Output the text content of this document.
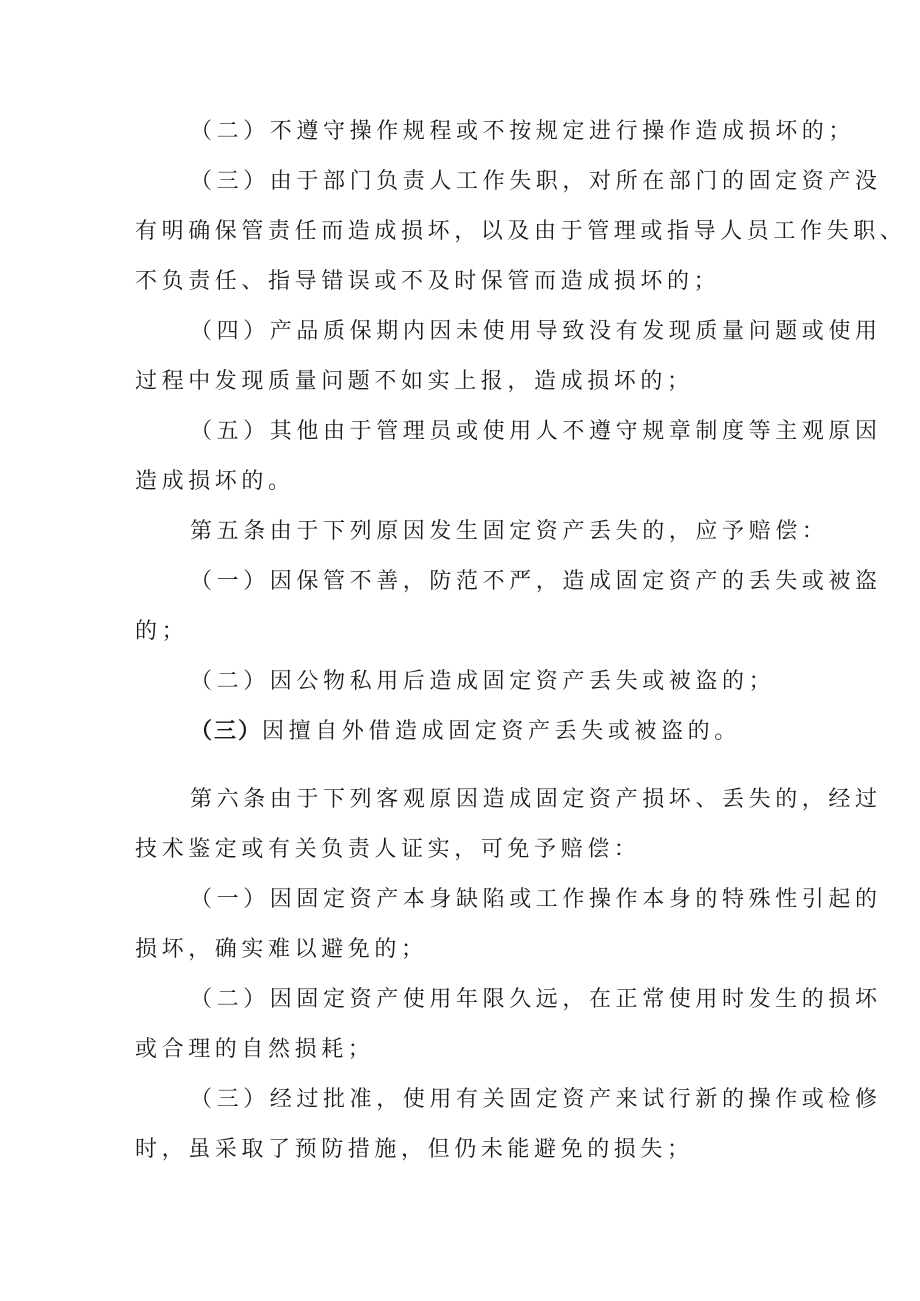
（二）不遵守操作规程或不按规定进行操作造成损坏的；
（三）由于部门负责人工作失职，对所在部门的固定资产没
有明确保管责任而造成损坏，以及由于管理或指导人员工作失职、
不负责任、指导错误或不及时保管而造成损坏的；
（四）产品质保期内因未使用导致没有发现质量问题或使用
过程中发现质量问题不如实上报，造成损坏的；
（五）其他由于管理员或使用人不遵守规章制度等主观原因
造成损坏的。
第五条由于下列原因发生固定资产丢失的，应予赔偿：
（一）因保管不善，防范不严，造成固定资产的丢失或被盗
的；
（二）因公物私用后造成固定资产丢失或被盗的；
（三）因擅自外借造成固定资产丢失或被盗的。
第六条由于下列客观原因造成固定资产损坏、丢失的，经过
技术鉴定或有关负责人证实，可免予赔偿：
（一）因固定资产本身缺陷或工作操作本身的特殊性引起的
损坏，确实难以避免的；
（二）因固定资产使用年限久远，在正常使用时发生的损坏
或合理的自然损耗；
（三）经过批准，使用有关固定资产来试行新的操作或检修
时，虽采取了预防措施，但仍未能避免的损失；
